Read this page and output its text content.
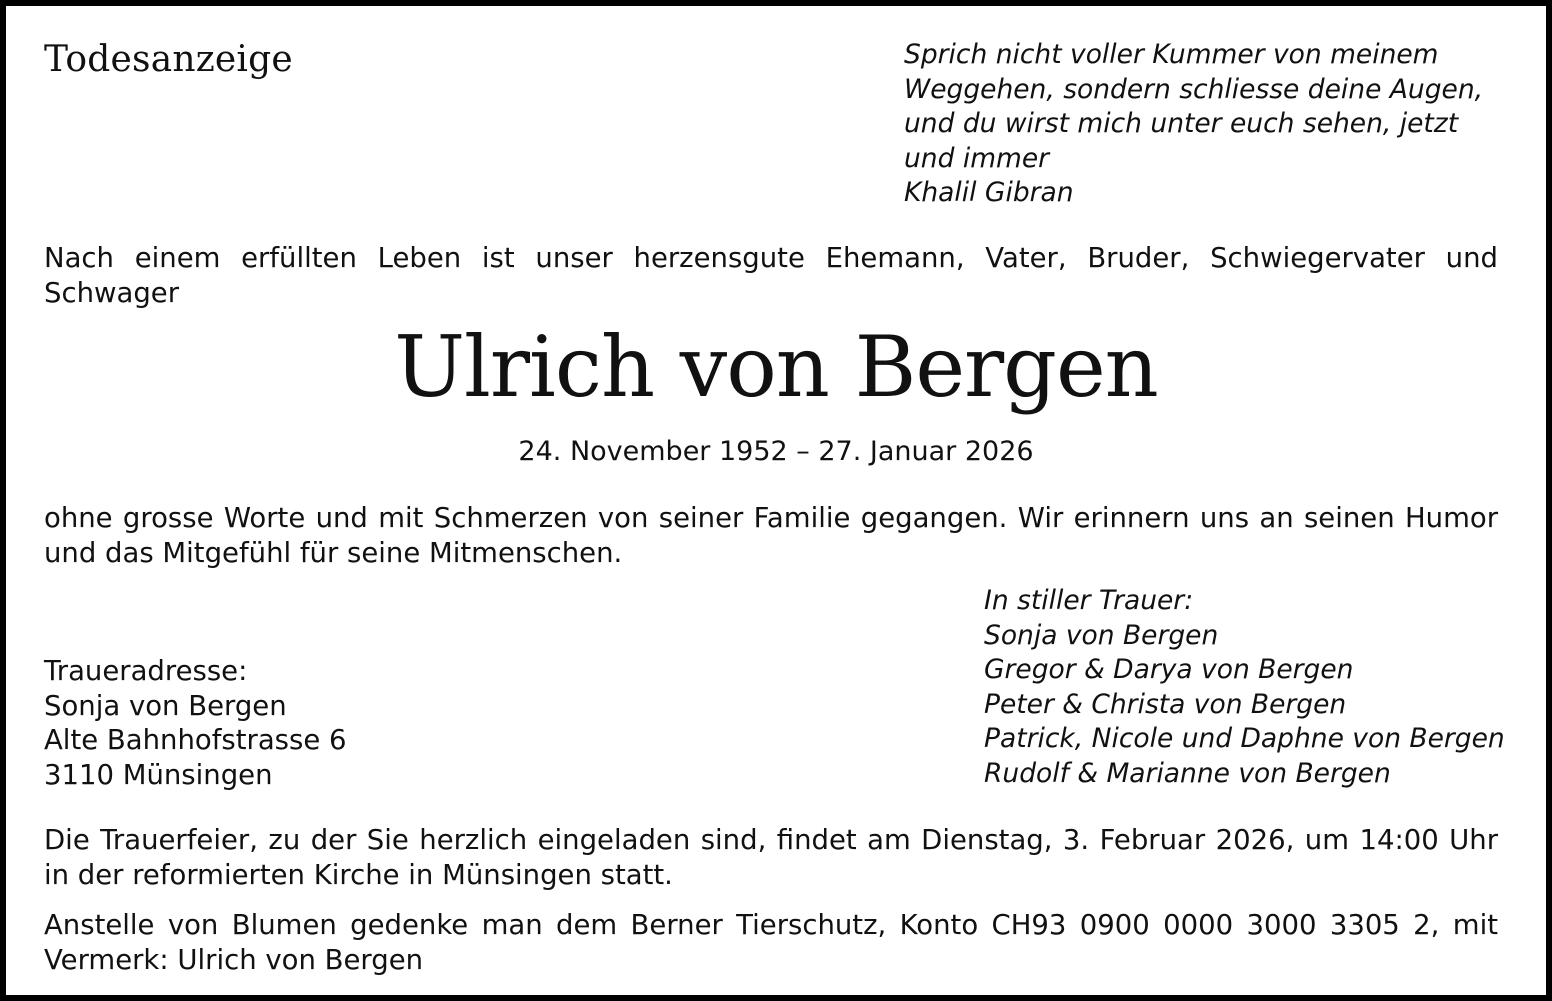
Todesanzeige	Sprich nicht voller Kummer von meinem
Weggehen, sondern schliesse deine Augen,
und du wirst mich unter euch sehen, jetzt
und immer
Khalil Gibran
Nach einem erfüllten Leben ist unser herzensgute Ehemann, Vater, Bruder, Schwiegervater und Schwager
Ulrich von Bergen
24. November 1952 – 27. Januar 2026
ohne grosse Worte und mit Schmerzen von seiner Familie gegangen. Wir erinnern uns an seinen Humor und das Mitgefühl für seine Mitmenschen.
In stiller Trauer:
Sonja von Bergen
Gregor & Darya von Bergen
Peter & Christa von Bergen
Patrick, Nicole und Daphne von Bergen
Rudolf & Marianne von Bergen
Traueradresse:
Sonja von Bergen
Alte Bahnhofstrasse 6
3110 Münsingen
Die Trauerfeier, zu der Sie herzlich eingeladen sind, findet am Dienstag, 3. Februar 2026, um 14:00 Uhr in der reformierten Kirche in Münsingen statt.
Anstelle von Blumen gedenke man dem Berner Tierschutz, Konto CH93 0900 0000 3000 3305 2, mit Vermerk: Ulrich von Bergen
